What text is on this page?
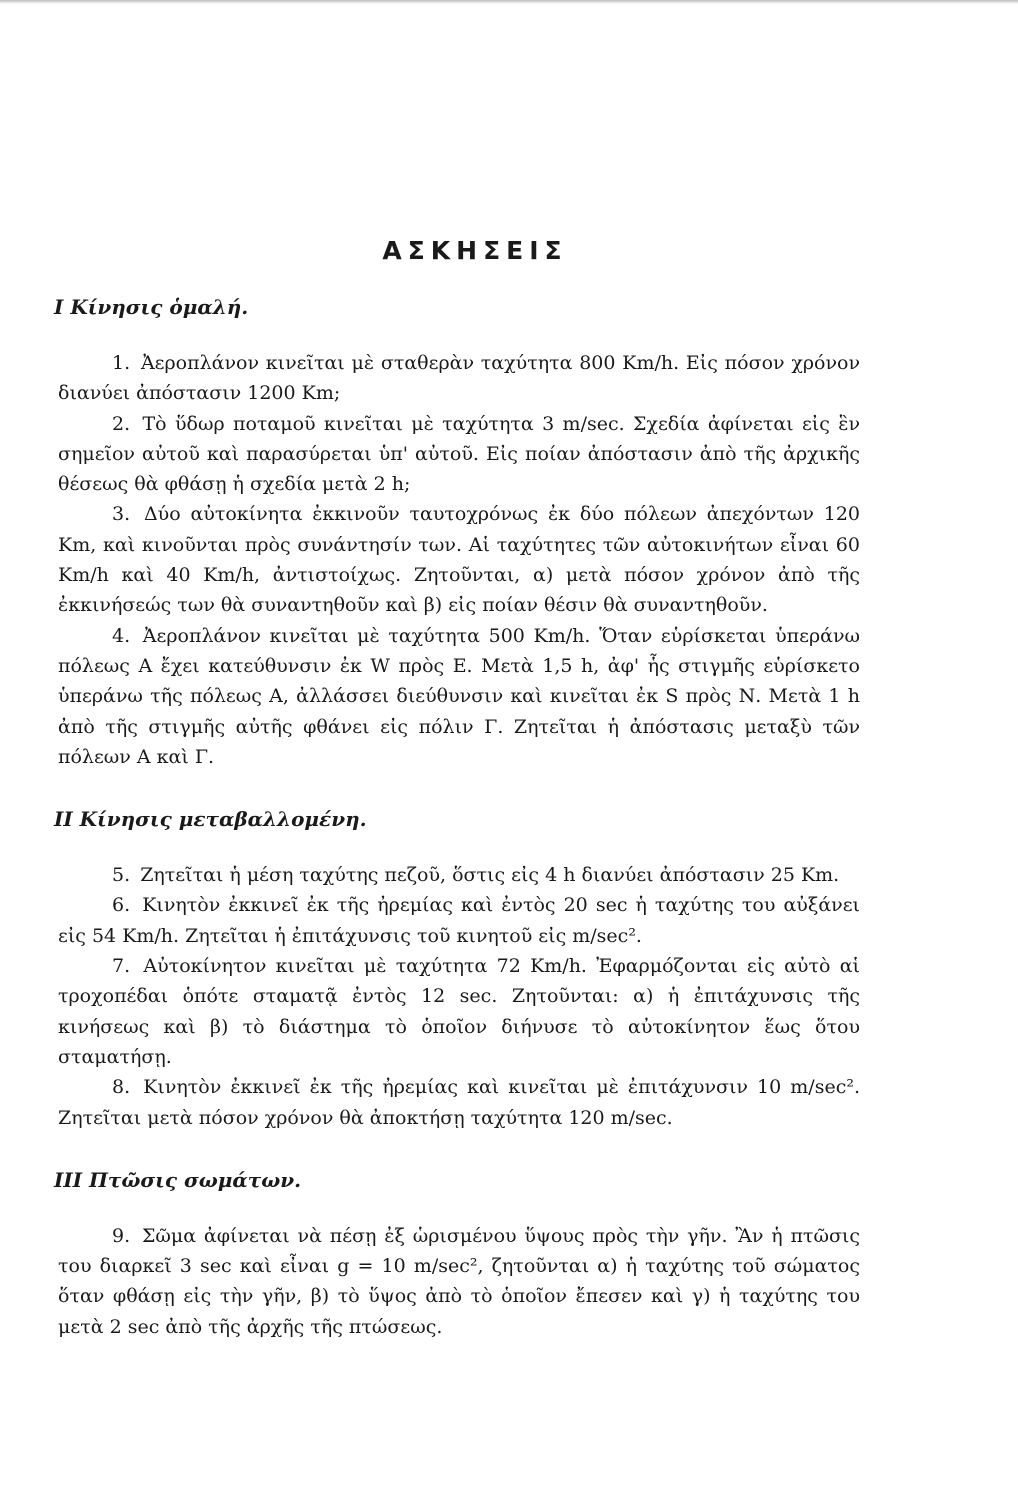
ΑΣΚΗΣΕΙΣ
I Κίνησις ὁμαλή.

1. Ἀεροπλάνον κινεῖται μὲ σταθερὰν ταχύτητα 800 Km/h. Εἰς πόσον χρόνον διανύει ἀπόστασιν 1200 Km;

2. Τὸ ὕδωρ ποταμοῦ κινεῖται μὲ ταχύτητα 3 m/sec. Σχεδία ἀφίνεται εἰς ἓν σημεῖον αὐτοῦ καὶ παρασύρεται ὑπ' αὐτοῦ. Εἰς ποίαν ἀπόστασιν ἀπὸ τῆς ἀρχικῆς θέσεως θὰ φθάσῃ ἡ σχεδία μετὰ 2 h;

3. Δύο αὐτοκίνητα ἐκκινοῦν ταυτοχρόνως ἐκ δύο πόλεων ἀπεχόντων 120 Km, καὶ κινοῦνται πρὸς συνάντησίν των. Αἱ ταχύτητες τῶν αὐτοκινήτων εἶναι 60 Km/h καὶ 40 Km/h, ἀντιστοίχως. Ζητοῦνται, α) μετὰ πόσον χρόνον ἀπὸ τῆς ἐκκινήσεώς των θὰ συναντηθοῦν καὶ β) εἰς ποίαν θέσιν θὰ συναντηθοῦν.

4. Ἀεροπλάνον κινεῖται μὲ ταχύτητα 500 Km/h. Ὅταν εὑρίσκεται ὑπεράνω πόλεως Α ἔχει κατεύθυνσιν ἐκ W πρὸς Ε. Μετὰ 1,5 h, ἀφ' ἧς στιγμῆς εὑρίσκετο ὑπεράνω τῆς πόλεως Α, ἀλλάσσει διεύθυνσιν καὶ κινεῖται ἐκ S πρὸς Ν. Μετὰ 1 h ἀπὸ τῆς στιγμῆς αὐτῆς φθάνει εἰς πόλιν Γ. Ζητεῖται ἡ ἀπόστασις μεταξὺ τῶν πόλεων Α καὶ Γ.

II Κίνησις μεταβαλλομένη.

5. Ζητεῖται ἡ μέση ταχύτης πεζοῦ, ὅστις εἰς 4 h διανύει ἀπόστασιν 25 Km.

6. Κινητὸν ἐκκινεῖ ἐκ τῆς ἠρεμίας καὶ ἐντὸς 20 sec ἡ ταχύτης του αὐξάνει εἰς 54 Km/h. Ζητεῖται ἡ ἐπιτάχυνσις τοῦ κινητοῦ εἰς m/sec².

7. Αὐτοκίνητον κινεῖται μὲ ταχύτητα 72 Km/h. Ἐφαρμόζονται εἰς αὐτὸ αἱ τροχοπέδαι ὁπότε σταματᾷ ἐντὸς 12 sec. Ζητοῦνται: α) ἡ ἐπιτάχυνσις τῆς κινήσεως καὶ β) τὸ διάστημα τὸ ὁποῖον διήνυσε τὸ αὐτοκίνητον ἕως ὅτου σταματήσῃ.

8. Κινητὸν ἐκκινεῖ ἐκ τῆς ἠρεμίας καὶ κινεῖται μὲ ἐπιτάχυνσιν 10 m/sec². Ζητεῖται μετὰ πόσον χρόνον θὰ ἀποκτήσῃ ταχύτητα 120 m/sec.

III Πτῶσις σωμάτων.

9. Σῶμα ἀφίνεται νὰ πέσῃ ἐξ ὡρισμένου ὕψους πρὸς τὴν γῆν. Ἂν ἡ πτῶσις του διαρκεῖ 3 sec καὶ εἶναι g = 10 m/sec², ζητοῦνται α) ἡ ταχύτης τοῦ σώματος ὅταν φθάσῃ εἰς τὴν γῆν, β) τὸ ὕψος ἀπὸ τὸ ὁποῖον ἔπεσεν καὶ γ) ἡ ταχύτης του μετὰ 2 sec ἀπὸ τῆς ἀρχῆς τῆς πτώσεως.
